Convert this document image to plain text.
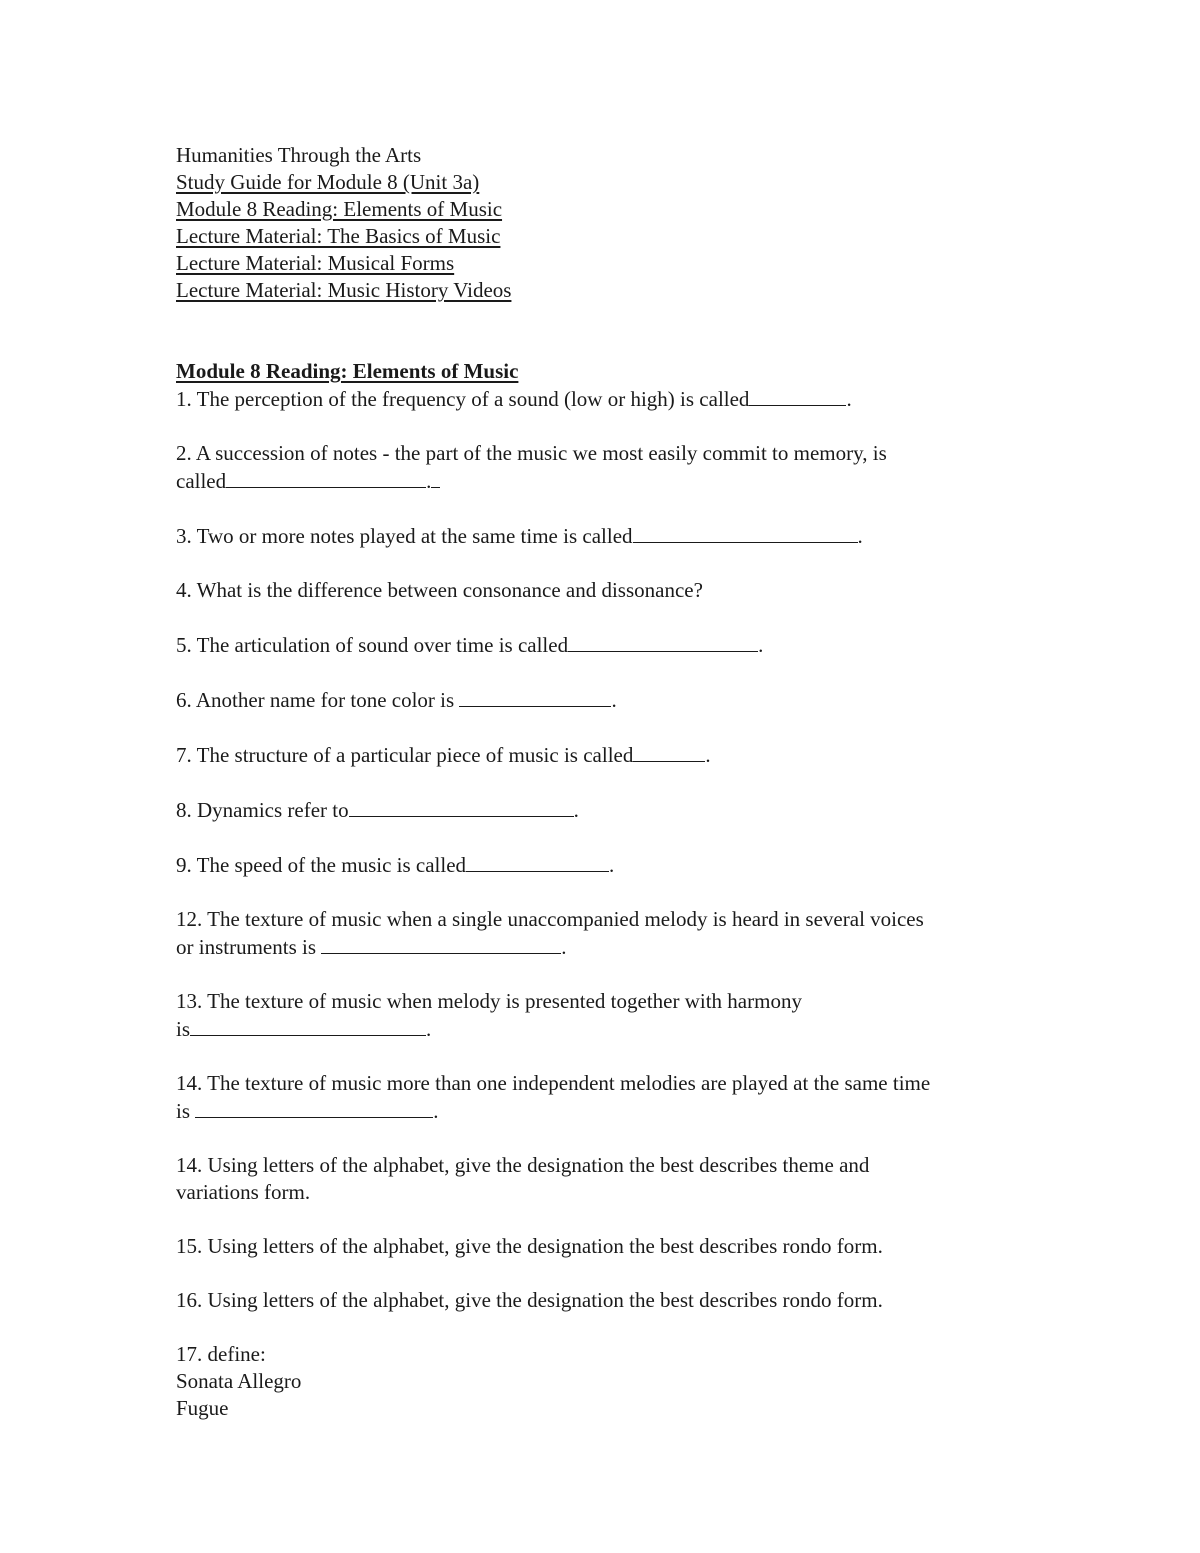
Humanities Through the Arts
Study Guide for Module 8 (Unit 3a)
Module 8 Reading: Elements of Music
Lecture Material: The Basics of Music
Lecture Material: Musical Forms
Lecture Material: Music History Videos
Module 8 Reading: Elements of Music
1. The perception of the frequency of a sound (low or high) is called	.
2. A succession of notes - the part of the music we most easily commit to memory, is
called	.
3. Two or more notes played at the same time is called	.
4. What is the difference between consonance and dissonance?
5. The articulation of sound over time is called	.
6. Another name for tone color is	.
7. The structure of a particular piece of music is called	.
8. Dynamics refer to	.
9. The speed of the music is called	.
12. The texture of music when a single unaccompanied melody is heard in several voices
or instruments is	.
13. The texture of music when melody is presented together with harmony
is	.
14. The texture of music more than one independent melodies are played at the same time
is	.
14. Using letters of the alphabet, give the designation the best describes theme and
variations form.
15. Using letters of the alphabet, give the designation the best describes rondo form.
16. Using letters of the alphabet, give the designation the best describes rondo form.
17. define:
Sonata Allegro
Fugue
